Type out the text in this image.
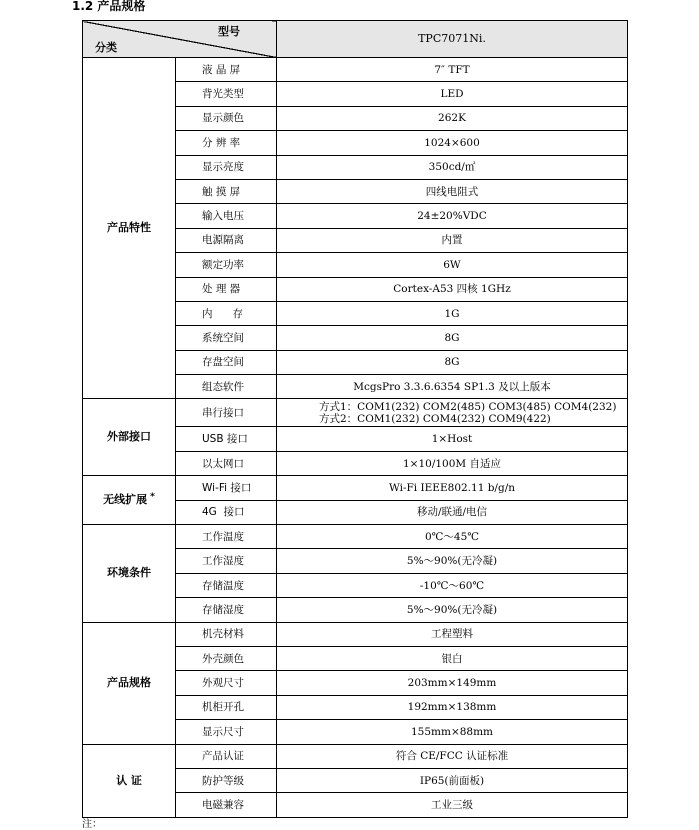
1.2 产品规格
型号
分类		TPC7071Ni.
产品特性	液 晶 屏	7″ TFT
	背光类型	LED
	显示颜色	262K
	分 辨 率	1024×600
	显示亮度	350cd/㎡
	触 摸 屏	四线电阻式
	输入电压	24±20%VDC
	电源隔离	内置
	额定功率	6W
	处 理 器	Cortex-A53 四核 1GHz
	内      存	1G
	系统空间	8G
	存盘空间	8G
	组态软件	McgsPro 3.3.6.6354 SP1.3 及以上版本
外部接口	串行接口	方式1：COM1(232) COM2(485) COM3(485) COM4(232)
方式2：COM1(232) COM4(232) COM9(422)

	USB 接口	1×Host
	以太网口	1×10/100M 自适应
无线扩展 *	Wi-Fi 接口	Wi-Fi IEEE802.11 b/g/n
	4G  接口	移动/联通/电信
环境条件	工作温度	0℃～45℃
	工作湿度	5%～90%(无冷凝)
	存储温度	-10℃～60℃
	存储湿度	5%～90%(无冷凝)
产品规格	机壳材料	工程塑料
	外壳颜色	银白
	外观尺寸	203mm×149mm
	机柜开孔	192mm×138mm
	显示尺寸	155mm×88mm
认 证	产品认证	符合 CE/FCC 认证标准
	防护等级	IP65(前面板)
	电磁兼容	工业三级
注：
